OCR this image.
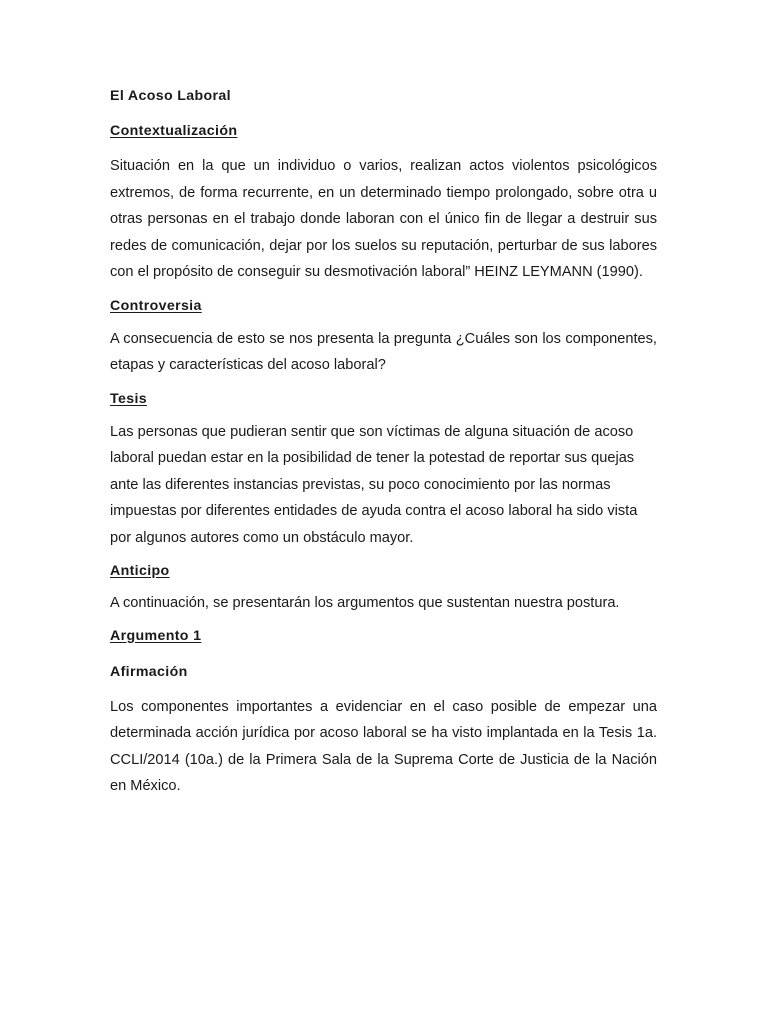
El Acoso Laboral

Contextualización

Situación en la que un individuo o varios, realizan actos violentos psicológicos extremos, de forma recurrente, en un determinado tiempo prolongado, sobre otra u otras personas en el trabajo donde laboran con el único fin de llegar a destruir sus redes de comunicación, dejar por los suelos su reputación, perturbar de sus labores con el propósito de conseguir su desmotivación laboral” HEINZ LEYMANN (1990).

Controversia

A consecuencia de esto se nos presenta la pregunta ¿Cuáles son los componentes, etapas y características del acoso laboral?

Tesis

Las personas que pudieran sentir que son víctimas de alguna situación de acoso laboral puedan estar en la posibilidad de tener la potestad de reportar sus quejas ante las diferentes instancias previstas, su poco conocimiento por las normas impuestas por diferentes entidades de ayuda contra el acoso laboral ha sido vista por algunos autores como un obstáculo mayor.

Anticipo

A continuación, se presentarán los argumentos que sustentan nuestra postura.

Argumento 1

Afirmación

Los componentes importantes a evidenciar en el caso posible de empezar una determinada acción jurídica por acoso laboral se ha visto implantada en la Tesis 1a. CCLI/2014 (10a.) de la Primera Sala de la Suprema Corte de Justicia de la Nación en México.
